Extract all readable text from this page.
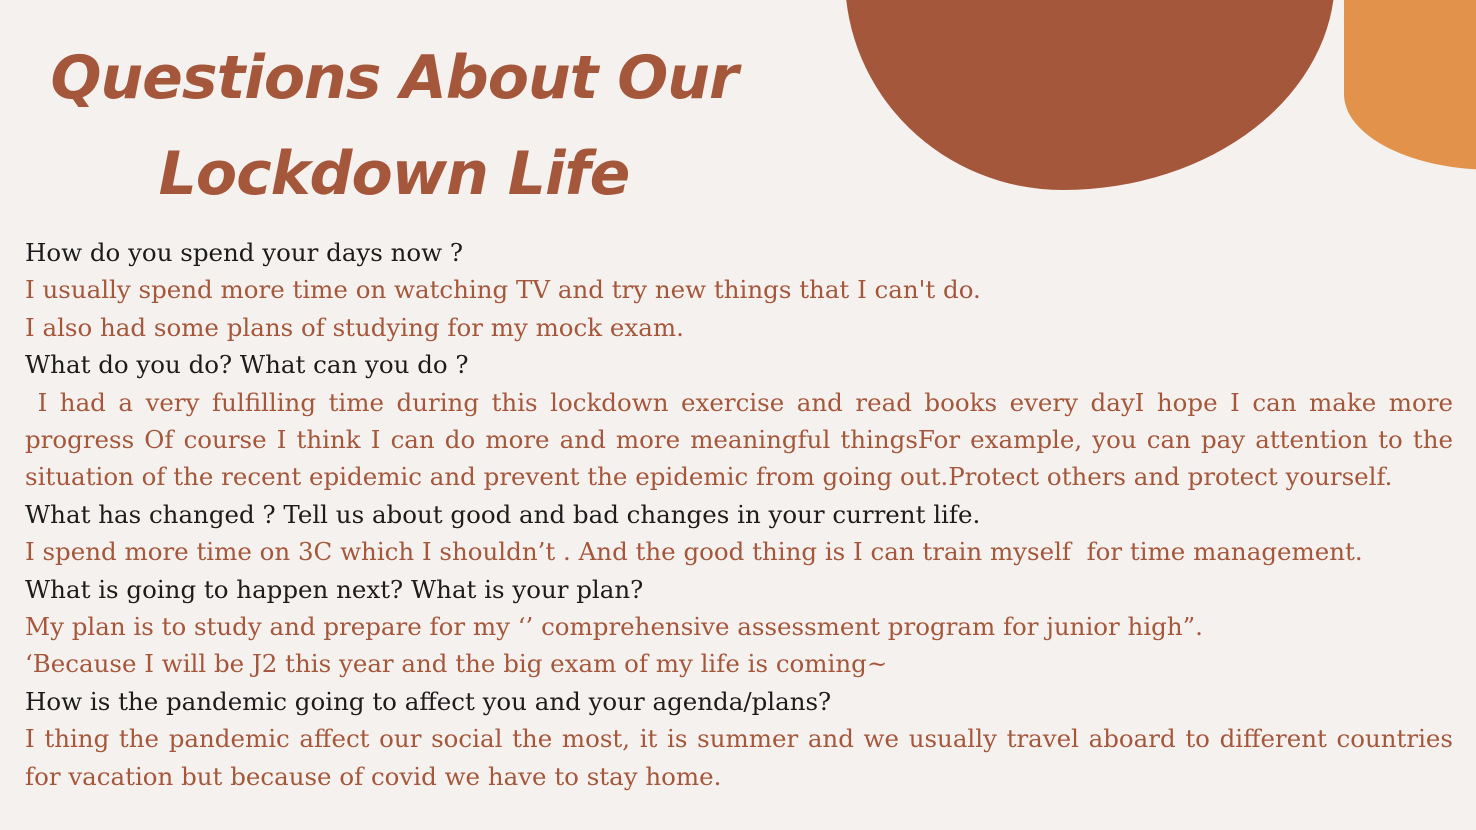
Questions About Our
Lockdown Life

How do you spend your days now ?

I usually spend more time on watching TV and try new things that I can't do.

I also had some plans of studying for my mock exam.

What do you do? What can you do ?

I had a very fulfilling time during this lockdown exercise and read books every dayI hope I can make more progress Of course I think I can do more and more meaningful thingsFor example, you can pay attention to the situation of the recent epidemic and prevent the epidemic from going out.Protect others and protect yourself.

What has changed ? Tell us about good and bad changes in your current life.

I spend more time on 3C which I shouldn’t . And the good thing is I can train myself  for time management.

What is going to happen next? What is your plan?

My plan is to study and prepare for my ‘’ comprehensive assessment program for junior high”.

‘Because I will be J2 this year and the big exam of my life is coming~

How is the pandemic going to affect you and your agenda/plans?

I thing the pandemic affect our social the most, it is summer and we usually travel aboard to different countries for vacation but because of covid we have to stay home.
